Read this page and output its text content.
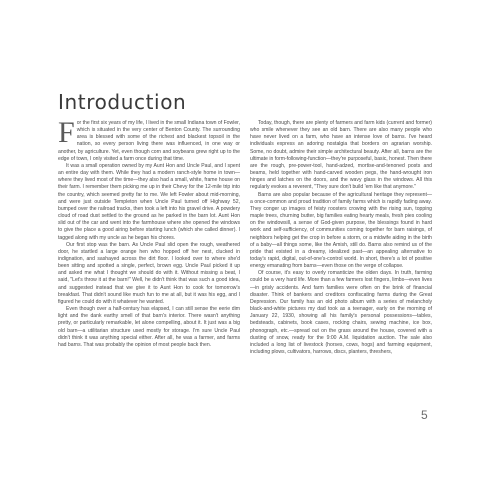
Introduction

For the first six years of my life, I lived in the small Indiana town of Fowler, which is situated in the very center of Benton County. The surrounding area is blessed with some of the richest and blackest topsoil in the nation, so every person living there was influenced, in one way or another, by agriculture. Yet, even though corn and soybeans grew right up to the edge of town, I only visited a farm once during that time.

It was a small operation owned by my Aunt Hon and Uncle Paul, and I spent an entire day with them. While they had a modern ranch-style home in town—where they lived most of the time—they also had a small, white, frame house on their farm. I remember them picking me up in their Chevy for the 12-mile trip into the country, which seemed pretty far to me. We left Fowler about mid-morning, and were just outside Templeton when Uncle Paul turned off Highway 52, bumped over the railroad tracks, then took a left into his gravel drive. A powdery cloud of road dust settled to the ground as he parked in the barn lot. Aunt Hon slid out of the car and went into the farmhouse where she opened the windows to give the place a good airing before starting lunch (which she called dinner). I tagged along with my uncle as he began his chores.

Our first stop was the barn. As Uncle Paul slid open the rough, weathered door, he startled a large orange hen who hopped off her nest, clucked in indignation, and sashayed across the dirt floor. I looked over to where she'd been sitting and spotted a single, perfect, brown egg. Uncle Paul picked it up and asked me what I thought we should do with it. Without missing a beat, I said, "Let's throw it at the barn!" Well, he didn't think that was such a good idea, and suggested instead that we give it to Aunt Hon to cook for tomorrow's breakfast. That didn't sound like much fun to me at all, but it was his egg, and I figured he could do with it whatever he wanted.

Even though over a half-century has elapsed, I can still sense the eerie dim light and the dank earthy smell of that barn's interior. There wasn't anything pretty, or particularly remarkable, let alone compelling, about it. It just was a big old barn—a utilitarian structure used mostly for storage. I'm sure Uncle Paul didn't think it was anything special either. After all, he was a farmer, and farms had barns. That was probably the opinion of most people back then.

Today, though, there are plenty of farmers and farm kids (current and former) who smile whenever they see an old barn. There are also many people who have never lived on a farm, who have an intense love of barns. I've heard individuals express an adoring nostalgia that borders on agrarian worship. Some, no doubt, admire their simple architectural beauty. After all, barns are the ultimate in form-following-function—they're purposeful, basic, honest. Then there are the rough, pre-power-tool, hand-adzed, mortise-and-tenoned posts and beams, held together with hand-carved wooden pegs, the hand-wrought iron hinges and latches on the doors, and the wavy glass in the windows. All this regularly evokes a reverent, "They sure don't build 'em like that anymore."

Barns are also popular because of the agricultural heritage they represent—a once-common and proud tradition of family farms which is rapidly fading away. They conger up images of feisty roosters crowing with the rising sun, topping maple trees, churning butter, big families eating hearty meals, fresh pies cooling on the windowsill, a sense of God-given purpose, the blessings found in hard work and self-sufficiency, of communities coming together for barn raisings, of neighbors helping get the crop in before a storm, or a midwife aiding in the birth of a baby—all things some, like the Amish, still do. Barns also remind us of the pride that existed in a dreamy, idealized past—an appealing alternative to today's rapid, digital, out-of-one's-control world. In short, there's a lot of positive energy emanating from barns—even those on the verge of collapse.

Of course, it's easy to overly romanticize the olden days. In truth, farming could be a very hard life. More than a few farmers lost fingers, limbs—even lives—in grisly accidents. And farm families were often on the brink of financial disaster. Think of bankers and creditors confiscating farms during the Great Depression. Our family has an old photo album with a series of melancholy black-and-white pictures my dad took as a teenager, early on the morning of January 22, 1930, showing all his family's personal possessions—tables, bedsteads, cabinets, book cases, rocking chairs, sewing machine, ice box, phonograph, etc.—spread out on the grass around the house, covered with a dusting of snow, ready for the 9:00 A.M. liquidation auction. The sale also included a long list of livestock (horses, cows, hogs) and farming equipment, including plows, cultivators, harrows, discs, planters, threshers,

5
